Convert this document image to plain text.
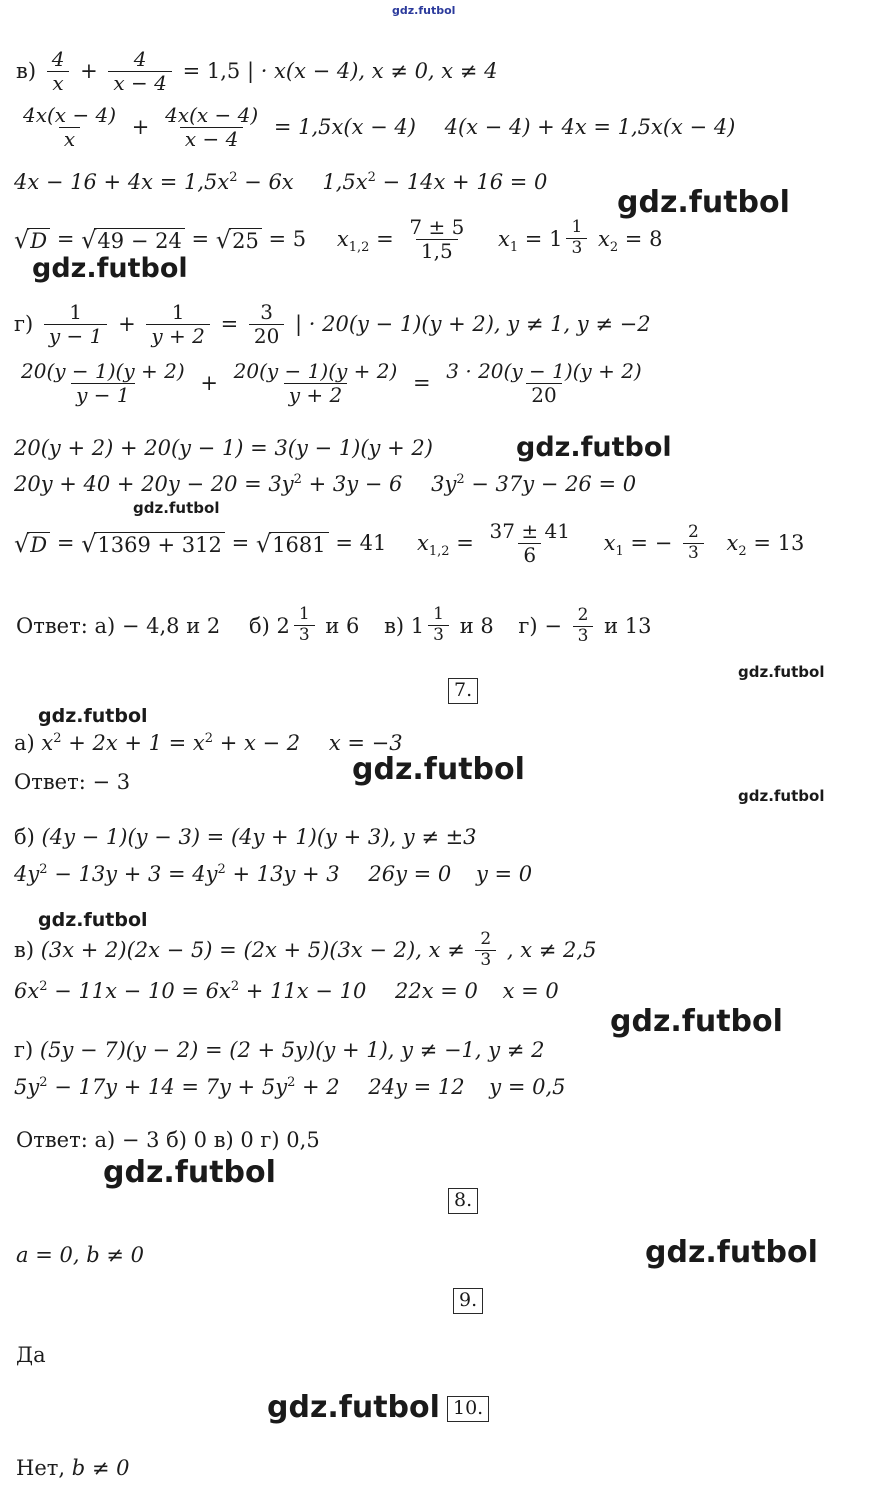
gdz.futbol
$в) \frac{4}{x} + \frac{4}{x - 4} = 1,5$ | · x(x − 4), x ≠ 0, x ≠ 4
$\frac{4x(x - 4)}{x} + \frac{4x(x - 4)}{x - 4} = 1,5x(x - 4) 4(x - 4) + 4x = 1,5x(x - 4)$
$4x - 16 + 4x = 1,5x^2 - 6x$ $1,5x^2 - 14x + 16 = 0$
√ D = √ 49 − 24 = √ 25 = 5 $x_{1,2} = \frac{7 \pm 5}{1,5} x_1 = 1 \frac{1}{3} x_2 = 8$
gdz.futbol
gdz.futbol
$г) \frac{1}{y - 1} + \frac{1}{y + 2} = \frac{3}{20}$ | · 20(y − 1)(y + 2), y ≠ 1, y ≠ −2
$\frac{20(y - 1)(y + 2)}{y - 1} + \frac{20(y - 1)(y + 2)}{y + 2} = \frac{3 \cdot 20(y - 1)(y + 2)}{20}$
20(y + 2) + 20(y − 1) = 3(y − 1)(y + 2)
$20y + 40 + 20y - 20 = 3y^2 + 3y - 6$ $3y^2 - 37y - 26 = 0$
√ D = √ 1369 + 312 = √ 1681 = 41 $x_{1,2} = \frac{37 \pm 41}{6} x_1$ = − $\frac{2}{3} x_2 = 13$
gdz.futbol
gdz.futbol
Ответ: а) − 4,8 и 2 б) $2 \frac{1}{3}$ и 6 в) $1 \frac{1}{3}$ и 8 $г) - \frac{2}{3}$ и 13
7.
gdz.futbol
gdz.futbol
а) $x^2 + 2x + 1 = x^2 + x - 2$ x = −3
Ответ: − 3	gdz.futbol
gdz.futbol
б) (4y − 1)(y − 3) = (4y + 1)(y + 3), y ≠ ±3
$4y^2 - 13y + 3 = 4y^2 + 13y + 3$ 26y = 0 y = 0
gdz.futbol
в) (3x + 2)(2x − 5) = (2x + 5)(3x − 2), $x \ne \frac{2}{3}$ , x ≠ 2,5
$6x^2 - 11x - 10 = 6x^2 + 11x - 10$ 22x = 0 x = 0
gdz.futbol
г) (5y − 7)(y − 2) = (2 + 5y)(y + 1), y ≠ −1, y ≠ 2
$5y^2 - 17y + 14 = 7y + 5y^2 + 2$ 24y = 12 y = 0,5
Ответ: а) − 3 б) 0 в) 0 г) 0,5
gdz.futbol
8.
a = 0, b ≠ 0	gdz.futbol
9.
Да
gdz.futbol 10.
Нет, b ≠ 0
